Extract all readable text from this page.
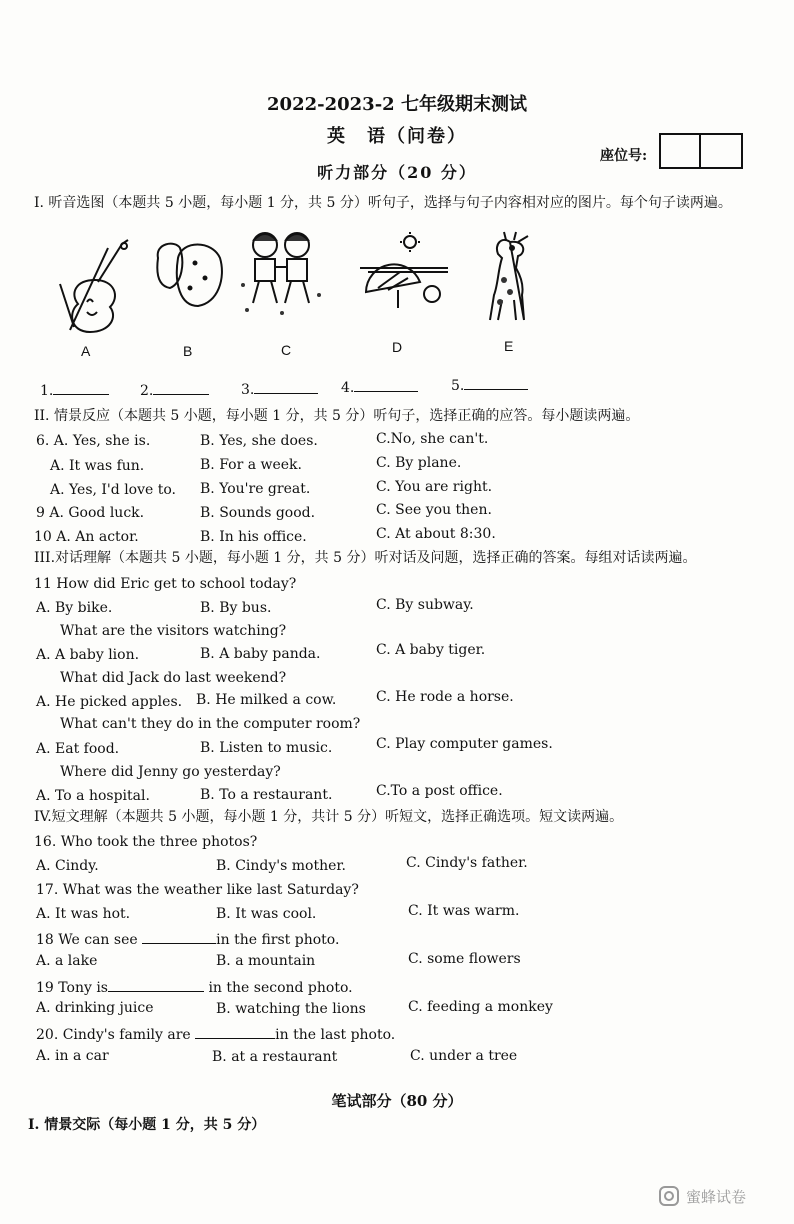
2022-2023-2 七年级期末测试
英　语（问卷）
座位号:
听力部分（20 分）
I. 听音选图（本题共 5 小题，每小题 1 分，共 5 分）听句子，选择与句子内容相对应的图片。每个句子读两遍。
A	B	C	D	E
1.	2.	3.	4.	5.
II. 情景反应（本题共 5 小题，每小题 1 分，共 5 分）听句子，选择正确的应答。每小题读两遍。
6. A. Yes, she is.	B. Yes, she does.	C.No, she can't.
A. It was fun.	B. For a week.	C. By plane.
A. Yes, I'd love to. B. You're great.	C. You are right.
9 A. Good luck.	B. Sounds good.	C. See you then.
10 A. An actor.	B. In his office.	C. At about 8:30.
III.对话理解（本题共 5 小题，每小题 1 分，共 5 分）听对话及问题，选择正确的答案。每组对话读两遍。
11 How did Eric get to school today?
A. By bike.	B. By bus.	C. By subway.
What are the visitors watching?
A. A baby lion.	B. A baby panda.	C. A baby tiger.
What did Jack do last weekend?
A. He picked apples. B. He milked a cow.	C. He rode a horse.
What can't they do in the computer room?
A. Eat food.	B. Listen to music.	C. Play computer games.
Where did Jenny go yesterday?
A. To a hospital.	B. To a restaurant.	C.To a post office.
IV.短文理解（本题共 5 小题，每小题 1 分，共计 5 分）听短文，选择正确选项。短文读两遍。
16. Who took the three photos?
A. Cindy.	B. Cindy's mother.	C. Cindy's father.
17. What was the weather like last Saturday?
A. It was hot.	B. It was cool.	C. It was warm.
18 We can see	in the first photo.
A. a lake	B. a mountain	C. some flowers
19 Tony is	in the second photo.
A. drinking juice	B. watching the lions	C. feeding a monkey
20. Cindy's family are	in the last photo.
A. in a car	B. at a restaurant	C. under a tree
笔试部分（80 分）
I. 情景交际（每小题 1 分，共 5 分）
蜜蜂试卷
